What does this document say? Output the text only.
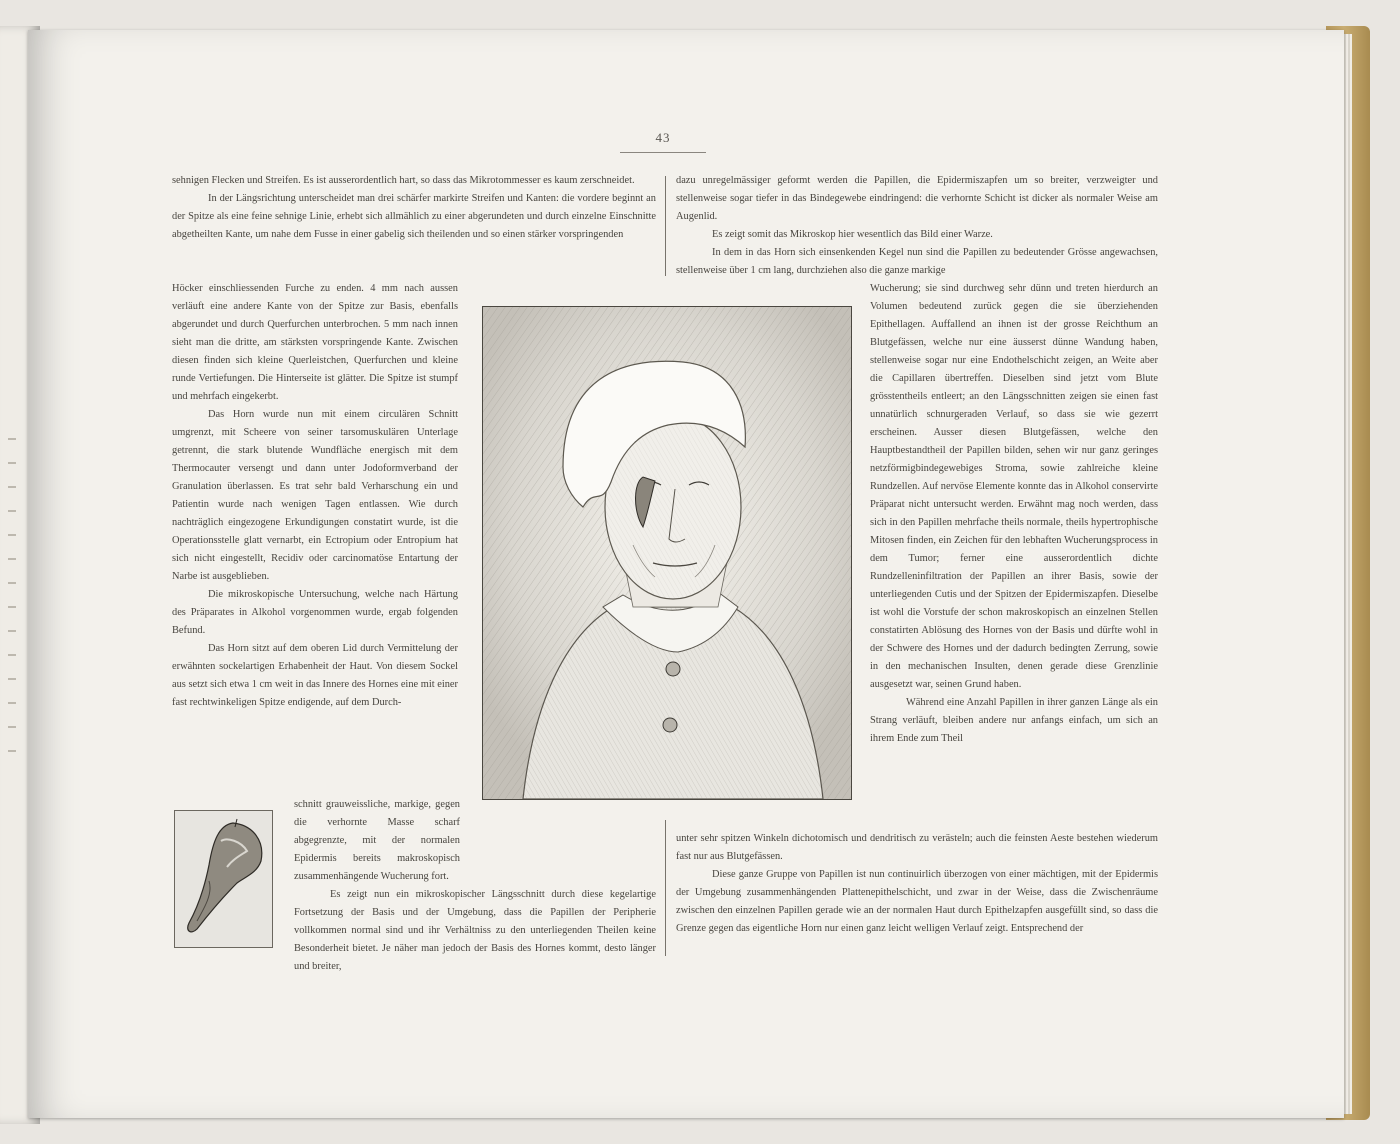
43

sehnigen Flecken und Streifen. Es ist ausserordentlich hart, so dass das Mikrotommesser es kaum zerschneidet.

In der Längsrichtung unterscheidet man drei schärfer markirte Streifen und Kanten: die vordere beginnt an der Spitze als eine feine sehnige Linie, erhebt sich allmählich zu einer abgerundeten und durch einzelne Einschnitte abgetheilten Kante, um nahe dem Fusse in einer gabelig sich theilenden und so einen stärker vorspringenden

Höcker einschliessenden Furche zu enden. 4 mm nach aussen verläuft eine andere Kante von der Spitze zur Basis, ebenfalls abgerundet und durch Querfurchen unterbrochen. 5 mm nach innen sieht man die dritte, am stärksten vorspringende Kante. Zwischen diesen finden sich kleine Querleistchen, Querfurchen und kleine runde Vertiefungen. Die Hinterseite ist glätter. Die Spitze ist stumpf und mehrfach eingekerbt.

Das Horn wurde nun mit einem circulären Schnitt umgrenzt, mit Scheere von seiner tarsomuskulären Unterlage getrennt, die stark blutende Wundfläche energisch mit dem Thermocauter versengt und dann unter Jodoformverband der Granulation überlassen. Es trat sehr bald Verharschung ein und Patientin wurde nach wenigen Tagen entlassen. Wie durch nachträglich eingezogene Erkundigungen constatirt wurde, ist die Operationsstelle glatt vernarbt, ein Ectropium oder Entropium hat sich nicht eingestellt, Recidiv oder carcinomatöse Entartung der Narbe ist ausgeblieben.

Die mikroskopische Untersuchung, welche nach Härtung des Präparates in Alkohol vorgenommen wurde, ergab folgenden Befund.

Das Horn sitzt auf dem oberen Lid durch Vermittelung der erwähnten sockelartigen Erhabenheit der Haut. Von diesem Sockel aus setzt sich etwa 1 cm weit in das Innere des Hornes eine mit einer fast rechtwinkeligen Spitze endigende, auf dem Durch-

schnitt grauweissliche, markige, gegen die verhornte Masse scharf abgegrenzte, mit der normalen Epidermis bereits makroskopisch zusammenhängende Wucherung fort.

Es zeigt nun ein mikroskopischer Längsschnitt durch diese kegelartige Fortsetzung der Basis und der Umgebung, dass die Papillen der Peripherie vollkommen normal sind und ihr Verhältniss zu den unterliegenden Theilen keine Besonderheit bietet. Je näher man jedoch der Basis des Hornes kommt, desto länger und breiter,

dazu unregelmässiger geformt werden die Papillen, die Epidermiszapfen um so breiter, verzweigter und stellenweise sogar tiefer in das Bindegewebe eindringend: die verhornte Schicht ist dicker als normaler Weise am Augenlid.

Es zeigt somit das Mikroskop hier wesentlich das Bild einer Warze.

In dem in das Horn sich einsenkenden Kegel nun sind die Papillen zu bedeutender Grösse angewachsen, stellenweise über 1 cm lang, durchziehen also die ganze markige

Wucherung; sie sind durchweg sehr dünn und treten hierdurch an Volumen bedeutend zurück gegen die sie überziehenden Epithellagen. Auffallend an ihnen ist der grosse Reichthum an Blutgefässen, welche nur eine äusserst dünne Wandung haben, stellenweise sogar nur eine Endothelschicht zeigen, an Weite aber die Capillaren übertreffen. Dieselben sind jetzt vom Blute grösstentheils entleert; an den Längsschnitten zeigen sie einen fast unnatürlich schnurgeraden Verlauf, so dass sie wie gezerrt erscheinen. Ausser diesen Blutgefässen, welche den Hauptbestandtheil der Papillen bilden, sehen wir nur ganz geringes netzförmigbindegewebiges Stroma, sowie zahlreiche kleine Rundzellen. Auf nervöse Elemente konnte das in Alkohol conservirte Präparat nicht untersucht werden. Erwähnt mag noch werden, dass sich in den Papillen mehrfache theils normale, theils hypertrophische Mitosen finden, ein Zeichen für den lebhaften Wucherungsprocess in dem Tumor; ferner eine ausserordentlich dichte Rundzelleninfiltration der Papillen an ihrer Basis, sowie der unterliegenden Cutis und der Spitzen der Epidermiszapfen. Dieselbe ist wohl die Vorstufe der schon makroskopisch an einzelnen Stellen constatirten Ablösung des Hornes von der Basis und dürfte wohl in der Schwere des Hornes und der dadurch bedingten Zerrung, sowie in den mechanischen Insulten, denen gerade diese Grenzlinie ausgesetzt war, seinen Grund haben.

Während eine Anzahl Papillen in ihrer ganzen Länge als ein Strang verläuft, bleiben andere nur anfangs einfach, um sich an ihrem Ende zum Theil

unter sehr spitzen Winkeln dichotomisch und dendritisch zu verästeln; auch die feinsten Aeste bestehen wiederum fast nur aus Blutgefässen.

Diese ganze Gruppe von Papillen ist nun continuirlich überzogen von einer mächtigen, mit der Epidermis der Umgebung zusammenhängenden Plattenepithelschicht, und zwar in der Weise, dass die Zwischenräume zwischen den einzelnen Papillen gerade wie an der normalen Haut durch Epithelzapfen ausgefüllt sind, so dass die Grenze gegen das eigentliche Horn nur einen ganz leicht welligen Verlauf zeigt. Entsprechend der
